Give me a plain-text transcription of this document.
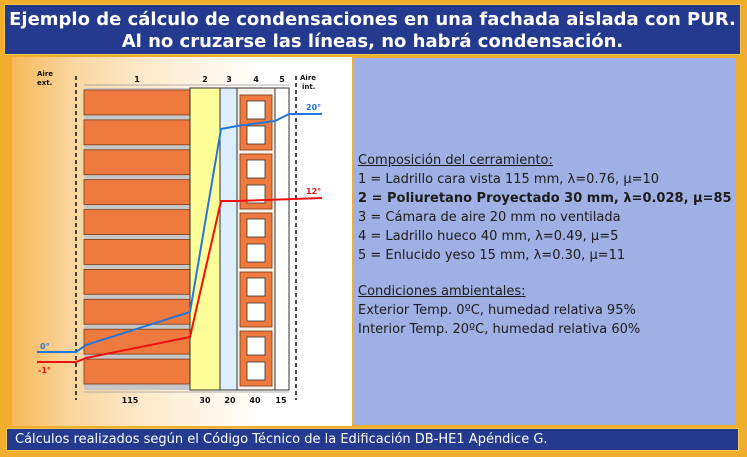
Ejemplo de cálculo de condensaciones en una fachada aislada con PUR.
Al no cruzarse las líneas, no habrá condensación.
1	2 3	4	5
115	30 20 40 15
Aire
ext.
Aire
int.
0°
20°
-1°
12°
Composición del cerramiento:
1 = Ladrillo cara vista 115 mm, λ=0.76, μ=10
2 = Poliuretano Proyectado 30 mm, λ=0.028, μ=85
3 = Cámara de aire 20 mm no ventilada
4 = Ladrillo hueco 40 mm, λ=0.49, μ=5
5 = Enlucido yeso 15 mm, λ=0.30, μ=11
Condiciones ambientales:
Exterior Temp. 0ºC, humedad relativa 95%
Interior Temp. 20ºC, humedad relativa 60%
Cálculos realizados según el Código Técnico de la Edificación DB-HE1 Apéndice G.
